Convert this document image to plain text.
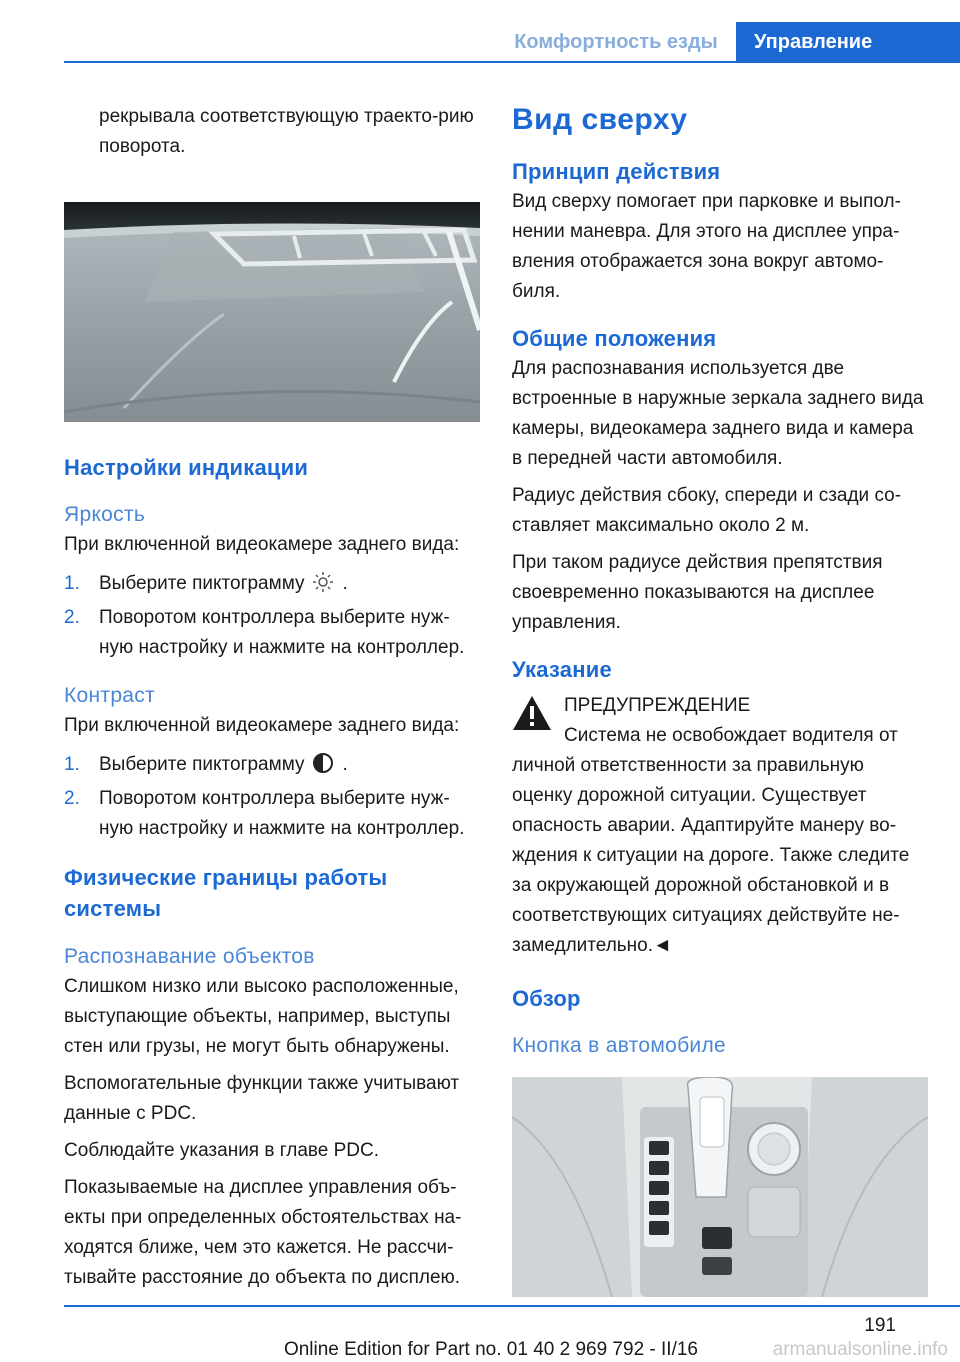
Комфортность езды	Управление

рекрывала соответствующую траекто-рию поворота.

Настройки индикации
Яркость

При включенной видеокамере заднего вида:

1. Выберите пиктограмму .
2. Поворотом контроллера выберите нуж-ную настройку и нажмите на контроллер.
Контраст

При включенной видеокамере заднего вида:

1. Выберите пиктограмму .
2. Поворотом контроллера выберите нуж-ную настройку и нажмите на контроллер.
Физические границы работы системы
Распознавание объектов

Слишком низко или высоко расположенные, выступающие объекты, например, выступы стен или грузы, не могут быть обнаружены.

Вспомогательные функции также учитывают данные с PDC.

Соблюдайте указания в главе PDC.

Показываемые на дисплее управления объ-екты при определенных обстоятельствах на-ходятся ближе, чем это кажется. Не рассчи-тывайте расстояние до объекта по дисплею.

Вид сверху
Принцип действия

Вид сверху помогает при парковке и выпол-нении маневра. Для этого на дисплее упра-вления отображается зона вокруг автомо-биля.

Общие положения

Для распознавания используется две встроенные в наружные зеркала заднего вида камеры, видеокамера заднего вида и камера в передней части автомобиля.

Радиус действия сбоку, спереди и сзади со-ставляет максимально около 2 м.

При таком радиусе действия препятствия своевременно показываются на дисплее управления.

Указание

ПРЕДУПРЕЖДЕНИЕ

Система не освобождает водителя от личной ответственности за правильную оценку дорожной ситуации. Существует опасность аварии. Адаптируйте манеру во-ждения к ситуации на дороге. Также следите за окружающей дорожной обстановкой и в соответствующих ситуациях действуйте не-замедлительно.◄

Обзор
Кнопка в автомобиле
191
Online Edition for Part no. 01 40 2 969 792 - II/16	armanualsonline.info
